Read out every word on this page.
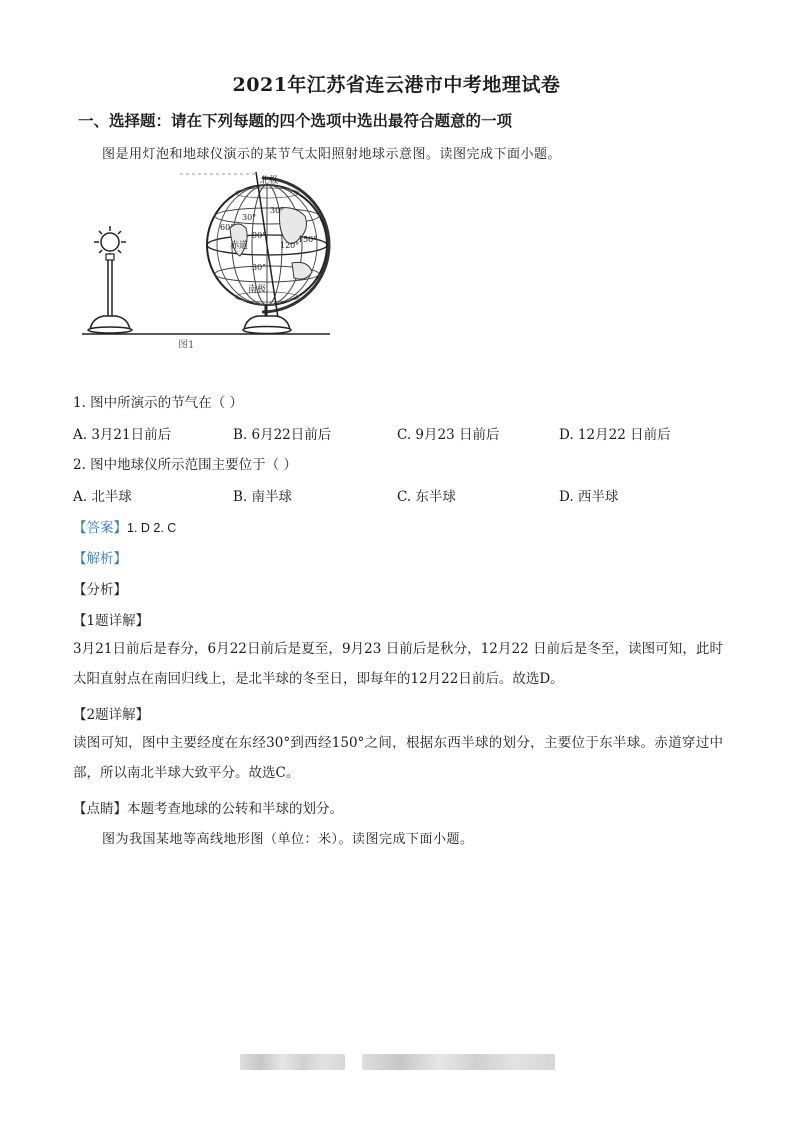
2021年江苏省连云港市中考地理试卷
一、选择题：请在下列每题的四个选项中选出最符合题意的一项
图是用灯泡和地球仪演示的某节气太阳照射地球示意图。读图完成下面小题。
北极
南极
赤道
30°
30°
60°
90°
120°
150°
30°
图1
1. 图中所演示的节气在（ ）
A. 3月21日前后	B. 6月22日前后	C. 9月23 日前后	D. 12月22 日前后
2. 图中地球仪所示范围主要位于（ ）
A. 北半球	B. 南半球	C. 东半球	D. 西半球
【答案】1. D 2. C
【解析】
【分析】
【1题详解】
3月21日前后是春分，6月22日前后是夏至，9月23 日前后是秋分，12月22 日前后是冬至，读图可知，此时太阳直射点在南回归线上，是北半球的冬至日，即每年的12月22日前后。故选D。
【2题详解】
读图可知，图中主要经度在东经30°到西经150°之间，根据东西半球的划分，主要位于东半球。赤道穿过中部，所以南北半球大致平分。故选C。
【点睛】本题考查地球的公转和半球的划分。
图为我国某地等高线地形图（单位：米）。读图完成下面小题。
